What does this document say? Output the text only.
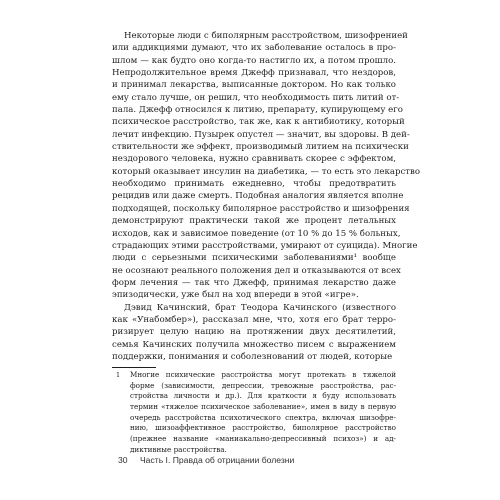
Некоторые люди с биполярным расстройством, шизофренией
или аддикциями думают, что их заболевание осталось в про-
шлом — как будто оно когда-то настигло их, а потом прошло.
Непродолжительное время Джефф признавал, что нездоров,
и принимал лекарства, выписанные доктором. Но как только
ему стало лучше, он решил, что необходимость пить литий от-
пала. Джефф относился к литию, препарату, купирующему его
психическое расстройство, так же, как к антибиотику, который
лечит инфекцию. Пузырек опустел — значит, вы здоровы. В дей-
ствительности же эффект, производимый литием на психически
нездорового человека, нужно сравнивать скорее с эффектом,
который оказывает инсулин на диабетика, — то есть это лекарство
необходимо принимать ежедневно, чтобы предотвратить
рецидив или даже смерть. Подобная аналогия является вполне
подходящей, поскольку биполярное расстройство и шизофрения
демонстрируют практически такой же процент летальных
исходов, как и зависимое поведение (от 10 % до 15 % больных,
страдающих этими расстройствами, умирают от суицида). Многие
люди с серьезными психическими заболеваниями¹ вообще
не осознают реального положения дел и отказываются от всех
форм лечения — так что Джефф, принимая лекарство даже
эпизодически, уже был на ход впереди в этой «игре».
Дэвид Качинский, брат Теодора Качинского (известного
как «Унабомбер»), рассказал мне, что, хотя его брат терро-
ризирует целую нацию на протяжении двух десятилетий,
семья Качинских получила множество писем с выражением
поддержки, понимания и соболезнований от людей, которые
1	Многие психические расстройства могут протекать в тяжелой
форме (зависимости, депрессии, тревожные расстройства, рас-
стройства личности и др.). Для краткости я буду использовать
термин «тяжелое психическое заболевание», имея в виду в первую
очередь расстройства психотического спектра, включая шизофре-
нию, шизоаффективное расстройство, биполярное расстройство
(прежнее название «маниакально-депрессивный психоз») и ад-
диктивные расстройства.
30 Часть I. Правда об отрицании болезни
